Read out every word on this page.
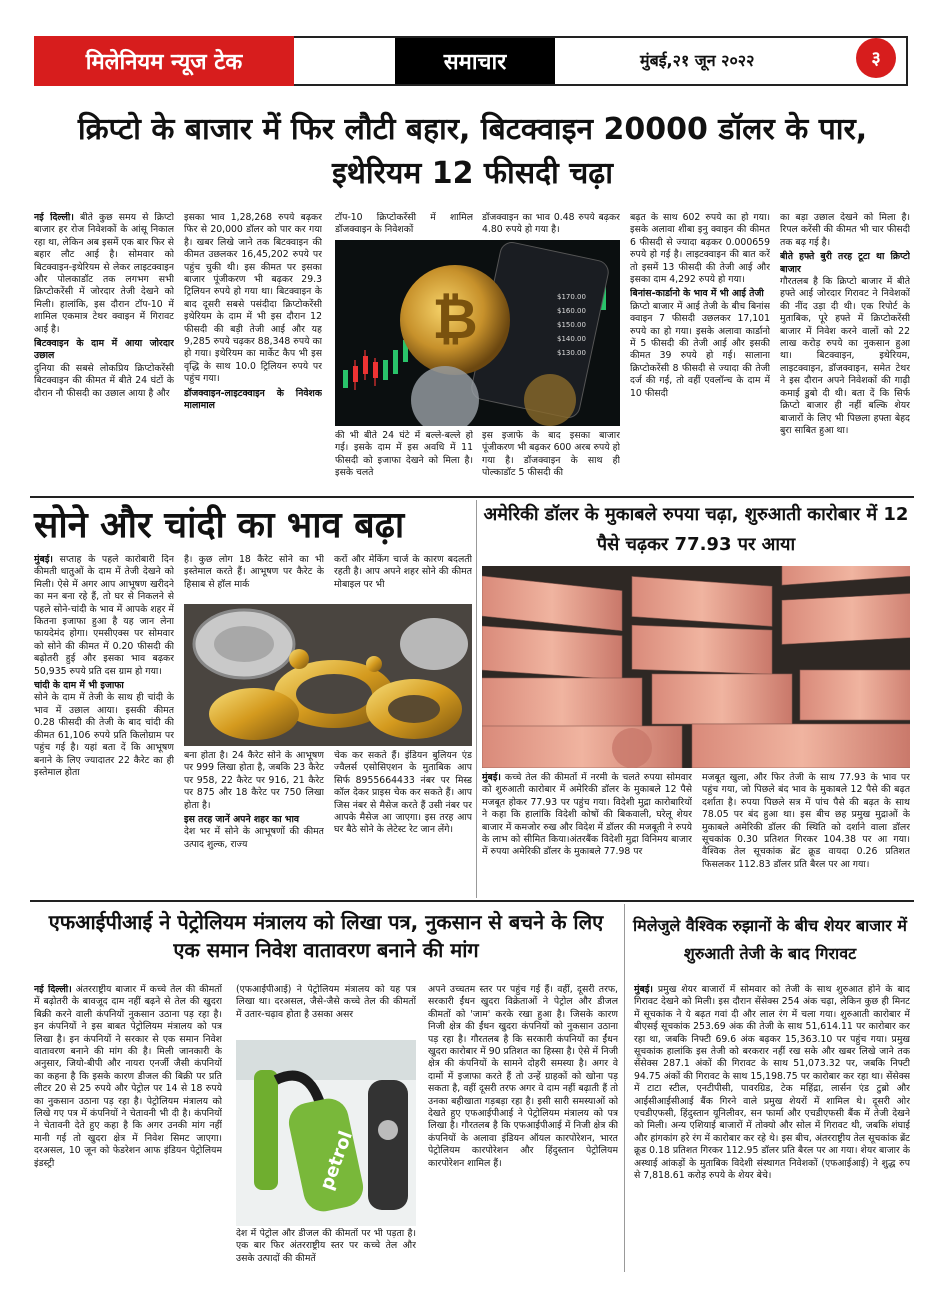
मिलेनियम न्यूज टेक	समाचार	मुंबई,२१ जून २०२२	३
क्रिप्टो के बाजार में फिर लौटी बहार, बिटक्वाइन 20000 डॉलर के पार, इथेरियम 12 फीसदी चढ़ा

नई दिल्ली। बीते कुछ समय से क्रिप्टो बाजार हर रोज निवेशकों के आंसू निकाल रहा था, लेकिन अब इसमें एक बार फिर से बहार लौट आई है। सोमवार को बिटक्वाइन-इथेरियम से लेकर लाइटक्वाइन और पोलकाडॉट तक लगभग सभी क्रिप्टोकरेंसी में जोरदार तेजी देखने को मिली। हालांकि, इस दौरान टॉप-10 में शामिल एकमात्र टेथर क्वाइन में गिरावट आई है।

बिटक्वाइन के दाम में आया जोरदार उछाल

दुनिया की सबसे लोकप्रिय क्रिप्टोकरेंसी बिटक्वाइन की कीमत में बीते 24 घंटों के दौरान नौ फीसदी का उछाल आया है और

इसका भाव 1,28,268 रुपये बढ़कर फिर से 20,000 डॉलर को पार कर गया है। खबर लिखे जाने तक बिटक्वाइन की कीमत उछलकर 16,45,202 रुपये पर पहुंच चुकी थी। इस कीमत पर इसका बाजार पूंजीकरण भी बढ़कर 29.3 ट्रिलियन रुपये हो गया था। बिटक्वाइन के बाद दूसरी सबसे पसंदीदा क्रिप्टोकरेंसी इथेरियम के दाम में भी इस दौरान 12 फीसदी की बड़ी तेजी आई और यह 9,285 रुपये चढ़कर 88,348 रुपये का हो गया। इथेरियम का मार्केट कैप भी इस वृद्धि के साथ 10.0 ट्रिलियन रुपये पर पहुंच गया।

डॉजक्वाइन-लाइटक्वाइन के निवेशक मालामाल
टॉप-10 क्रिप्टोकरेंसी में शामिल डॉजक्वाइन के निवेशकों
डॉजक्वाइन का भाव 0.48 रुपये बढ़कर 4.80 रुपये हो गया है।
₿	$170.00
$160.00
$150.00
$140.00
$130.00
की भी बीते 24 घंटे में बल्ले-बल्ले हो गई। इसके दाम में इस अवधि में 11 फीसदी को इजाफा देखने को मिला है। इसके चलते
इस इजाफे के बाद इसका बाजार पूंजीकरण भी बढ़कर 600 अरब रुपये हो गया है। डॉजक्वाइन के साथ ही पोल्काडॉट 5 फीसदी की

बढ़त के साथ 602 रुपये का हो गया। इसके अलावा शीबा इनु क्वाइन की कीमत 6 फीसदी से ज्यादा बढ़कर 0.000659 रुपये हो गई है। लाइटक्वाइन की बात करें तो इसमें 13 फीसदी की तेजी आई और इसका दाम 4,292 रुपये हो गया।

बिनांस-कार्डानो के भाव में भी आई तेजी

क्रिप्टो बाजार में आई तेजी के बीच बिनांस क्वाइन 7 फीसदी उछलकर 17,101 रुपये का हो गया। इसके अलावा कार्डानो में 5 फीसदी की तेजी आई और इसकी कीमत 39 रुपये हो गई। सालाना क्रिप्टोकरेंसी 8 फीसदी से ज्यादा की तेजी दर्ज की गई, तो वहीं एवलॉन्च के दाम में 10 फीसदी

का बड़ा उछाल देखने को मिला है। रिपल करेंसी की कीमत भी चार फीसदी तक बढ़ गई है।

बीते हफ्ते बुरी तरह टूटा था क्रिप्टो बाजार

गौरतलब है कि क्रिप्टो बाजार में बीते हफ्ते आई जोरदार गिरावट ने निवेशकों की नींद उड़ा दी थी। एक रिपोर्ट के मुताबिक, पूरे हफ्ते में क्रिप्टोकरेंसी बाजार में निवेश करने वालों को 22 लाख करोड़ रुपये का नुकसान हुआ था। बिटक्वाइन, इथेरियम, लाइटक्वाइन, डॉजक्वाइन, समेत टेथर ने इस दौरान अपने निवेशकों की गाढ़ी कमाई डुबो दी थी। बता दें कि सिर्फ क्रिप्टो बाजार ही नहीं बल्कि शेयर बाजारों के लिए भी पिछला हफ्ता बेहद बुरा साबित हुआ था।

सोने और चांदी का भाव बढ़ा

मुंबई। सप्ताह के पहले कारोबारी दिन कीमती धातुओं के दाम में तेजी देखने को मिली। ऐसे में अगर आप आभूषण खरीदने का मन बना रहे हैं, तो घर से निकलने से पहले सोने-चांदी के भाव में आपके शहर में कितना इजाफा हुआ है यह जान लेना फायदेमंद होगा। एमसीएक्स पर सोमवार को सोने की कीमत में 0.20 फीसदी की बढ़ोतरी हुई और इसका भाव बढ़कर 50,935 रुपये प्रति दस ग्राम हो गया।

चांदी के दाम में भी इजाफा

सोने के दाम में तेजी के साथ ही चांदी के भाव में उछाल आया। इसकी कीमत 0.28 फीसदी की तेजी के बाद चांदी की कीमत 61,106 रुपये प्रति किलोग्राम पर पहुंच गई है। यहां बता दें कि आभूषण बनाने के लिए ज्यादातर 22 कैरेट का ही इस्तेमाल होता

है। कुछ लोग 18 कैरेट सोने का भी इस्तेमाल करते हैं। आभूषण पर कैरेट के हिसाब से हॉल मार्क
करों और मेकिंग चार्ज के कारण बदलती रहती है। आप अपने शहर सोने की कीमत मोबाइल पर भी

बना होता है। 24 कैरेट सोने के आभूषण पर 999 लिखा होता है, जबकि 23 कैरेट पर 958, 22 कैरेट पर 916, 21 कैरेट पर 875 और 18 कैरेट पर 750 लिखा होता है।

इस तरह जानें अपने शहर का भाव

देश भर में सोने के आभूषणों की कीमत उत्पाद शुल्क, राज्य

चेक कर सकते हैं। इंडियन बुलियन एंड ज्वैलर्स एसोसिएशन के मुताबिक आप सिर्फ 8955664433 नंबर पर मिस्ड कॉल देकर प्राइस चेक कर सकते हैं। आप जिस नंबर से मैसेज करते हैं उसी नंबर पर आपके मैसेज आ जाएगा। इस तरह आप घर बैठे सोने के लेटेस्ट रेट जान लेंगे।
अमेरिकी डॉलर के मुकाबले रुपया चढ़ा, शुरुआती कारोबार में 12 पैसे चढ़कर 77.93 पर आया

मुंबई। कच्चे तेल की कीमतों में नरमी के चलते रुपया सोमवार को शुरुआती कारोबार में अमेरिकी डॉलर के मुकाबले 12 पैसे मजबूत होकर 77.93 पर पहुंच गया। विदेशी मुद्रा कारोबारियों ने कहा कि हालांकि विदेशी कोषों की बिकवाली, घरेलू शेयर बाजार में कमजोर रुख और विदेश में डॉलर की मजबूती ने रुपये के लाभ को सीमित किया।अंतरबैंक विदेशी मुद्रा विनिमय बाजार में रुपया अमेरिकी डॉलर के मुकाबले 77.98 पर

मजबूत खुला, और फिर तेजी के साथ 77.93 के भाव पर पहुंच गया, जो पिछले बंद भाव के मुकाबले 12 पैसे की बढ़त दर्शाता है। रुपया पिछले सत्र में पांच पैसे की बढ़त के साथ 78.05 पर बंद हुआ था। इस बीच छह प्रमुख मुद्राओं के मुकाबले अमेरिकी डॉलर की स्थिति को दर्शाने वाला डॉलर सूचकांक 0.30 प्रतिशत गिरकर 104.38 पर आ गया। वैश्विक तेल सूचकांक ब्रेंट क्रूड वायदा 0.26 प्रतिशत फिसलकर 112.83 डॉलर प्रति बैरल पर आ गया।
एफआईपीआई ने पेट्रोलियम मंत्रालय को लिखा पत्र, नुकसान से बचने के लिए एक समान निवेश वातावरण बनाने की मांग

नई दिल्ली। अंतरराष्ट्रीय बाजार में कच्चे तेल की कीमतों में बढ़ोतरी के बावजूद दाम नहीं बढ़ने से तेल की खुदरा बिक्री करने वाली कंपनियों नुकसान उठाना पड़ रहा है। इन कंपनियों ने इस बाबत पेट्रोलियम मंत्रालय को पत्र लिखा है। इन कंपनियों ने सरकार से एक समान निवेश वातावरण बनाने की मांग की है। मिली जानकारी के अनुसार, जियो-बीपी और नायरा एनर्जी जैसी कंपनियों का कहना है कि इसके कारण डीजल की बिक्री पर प्रति लीटर 20 से 25 रुपये और पेट्रोल पर 14 से 18 रुपये का नुकसान उठाना पड़ रहा है। पेट्रोलियम मंत्रालय को लिखे गए पत्र में कंपनियों ने चेतावनी भी दी है। कंपनियों ने चेतावनी देते हुए कहा है कि अगर उनकी मांग नहीं मानी गई तो खुदरा क्षेत्र में निवेश सिमट जाएगा। दरअसल, 10 जून को फेडरेशन आफ इंडियन पेट्रोलियम इंडस्ट्री

(एफआईपीआई) ने पेट्रोलियम मंत्रालय को यह पत्र लिखा था। दरअसल, जैसे-जैसे कच्चे तेल की कीमतों में उतार-चढ़ाव होता है उसका असर
petrol
देश में पेट्रोल और डीजल की कीमतों पर भी पड़ता है। एक बार फिर अंतरराष्ट्रीय स्तर पर कच्चे तेल और उसके उत्पादों की कीमतें
अपने उच्चतम स्तर पर पहुंच गई हैं। वहीं, दूसरी तरफ, सरकारी ईंधन खुदरा विक्रेताओं ने पेट्रोल और डीजल कीमतों को 'जाम' करके रखा हुआ है। जिसके कारण निजी क्षेत्र की ईंधन खुदरा कंपनियों को नुकसान उठाना पड़ रहा है। गौरतलब है कि सरकारी कंपनियों का ईंधन खुदरा कारोबार में 90 प्रतिशत का हिस्सा है। ऐसे में निजी क्षेत्र की कंपनियों के सामने दोहरी समस्या है। अगर वे दामों में इजाफा करते हैं तो उन्हें ग्राहकों को खोना पड़ सकता है, वहीं दूसरी तरफ अगर वे दाम नहीं बढ़ाती हैं तो उनका बहीखाता गड़बड़ा रहा है। इसी सारी समस्याओं को देखते हुए एफआईपीआई ने पेट्रोलियम मंत्रालय को पत्र लिखा है। गौरतलब है कि एफआईपीआई में निजी क्षेत्र की कंपनियों के अलावा इंडियन ऑयल कारपोरेशन, भारत पेट्रोलियम कारपोरेशन और हिंदुस्तान पेट्रोलियम कारपोरेशन शामिल हैं।
मिलेजुले वैश्विक रुझानों के बीच शेयर बाजार में शुरुआती तेजी के बाद गिरावट

मुंबई। प्रमुख शेयर बाजारों में सोमवार को तेजी के साथ शुरुआत होने के बाद गिरावट देखने को मिली। इस दौरान सेंसेक्स 254 अंक चढ़ा, लेकिन कुछ ही मिनट में सूचकांक ने ये बढ़त गवां दी और लाल रंग में चला गया। शुरुआती कारोबार में बीएसई सूचकांक 253.69 अंक की तेजी के साथ 51,614.11 पर कारोबार कर रहा था, जबकि निफ्टी 69.6 अंक बढ़कर 15,363.10 पर पहुंच गया। प्रमुख सूचकांक हालांकि इस तेजी को बरकरार नहीं रख सके और खबर लिखे जाने तक सेंसेक्स 287.1 अंकों की गिरावट के साथ 51,073.32 पर, जबकि निफ्टी 94.75 अंकों की गिरावट के साथ 15,198.75 पर कारोबार कर रहा था। सेंसेक्स में टाटा स्टील, एनटीपीसी, पावरग्रिड, टेक महिंद्रा, लार्सन एंड टुब्रो और आईसीआईसीआई बैंक गिरने वाले प्रमुख शेयरों में शामिल थे। दूसरी ओर एचडीएफसी, हिंदुस्तान यूनिलीवर, सन फार्मा और एचडीएफसी बैंक में तेजी देखने को मिली। अन्य एशियाई बाजारों में तोक्यो और सोल में गिरावट थी, जबकि शंघाई और हांगकांग हरे रंग में कारोबार कर रहे थे। इस बीच, अंतरराष्ट्रीय तेल सूचकांक ब्रेंट क्रूड 0.18 प्रतिशत गिरकर 112.95 डॉलर प्रति बैरल पर आ गया। शेयर बाजार के अस्थाई आंकड़ों के मुताबिक विदेशी संस्थागत निवेशकों (एफआईआई) ने शुद्ध रुप से 7,818.61 करोड़ रुपये के शेयर बेचे।
